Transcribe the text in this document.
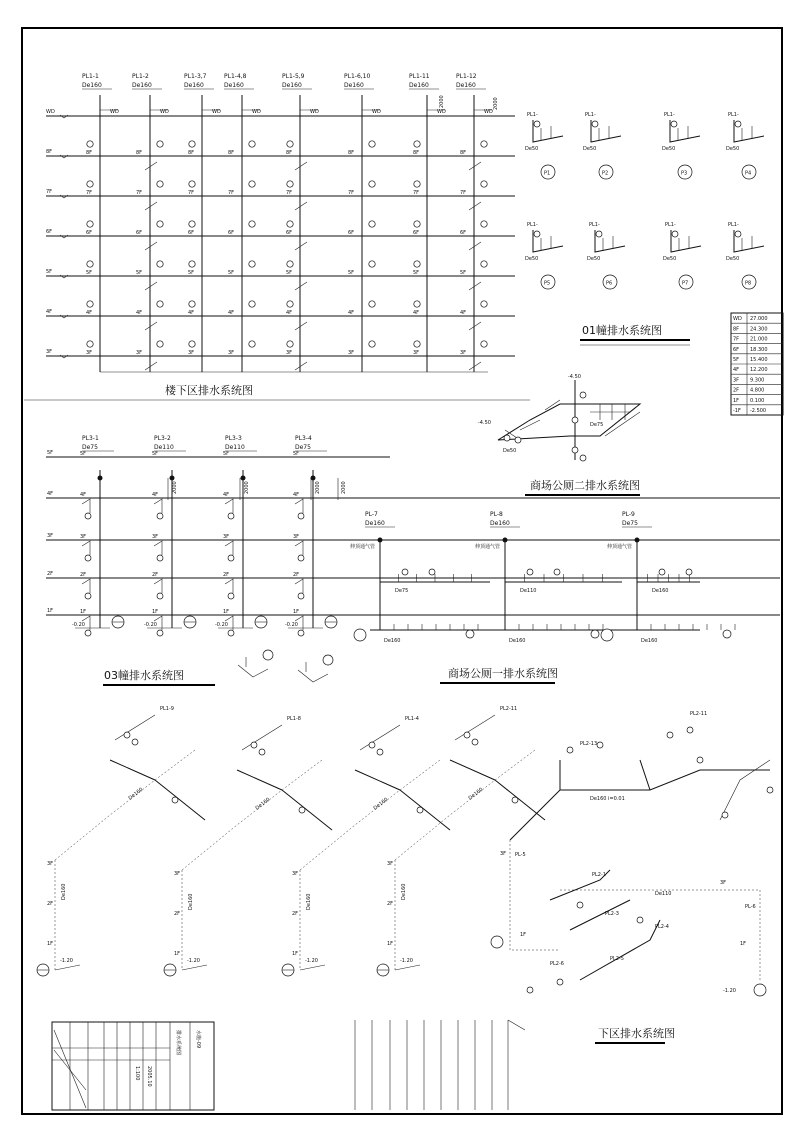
WD
8F
7F
6F
5F
4F
3F
8F	8F	8F	8F	8F	8F	8F	8F
7F	7F	7F	7F	7F	7F	7F	7F
6F	6F	6F	6F	6F	6F	6F	6F
5F	5F	5F	5F	5F	5F	5F	5F
4F	4F	4F	4F	4F	4F	4F	4F
3F	3F	3F	3F	3F	3F	3F	3F
PL1-1
De160
WD
PL1-2
De160
WD
PL1-3,7
De160
WD
PL1-4,8
De160
WD
PL1-5,9
De160
WD
PL1-6,10
De160
WD
PL1-11
De160
WD
PL1-12
De160
WD
2000	2000
楼下区排水系统图
P1
PL1-
De50
P2
PL1-
De50
P3
PL1-
De50
P4
PL1-
De50
P5
PL1-
De50
P6
PL1-
De50
P7
PL1-
De50
P8
PL1-
De50
01幢排水系统图
WD 27.000
8F 24.300
7F 21.000
6F 18.300
5F 15.400
4F 12.200
3F 9.300
2F 4.800
1F 0.100
-1F -2.500
-4.50
-4.50
De50
De75
商场公厕二排水系统图
5F
4F
3F
2F
1F
5F	5F	5F	5F
4F	4F	4F	4F
3F	3F	3F	3F
2F	2F	2F	2F
1F	1F	1F	1F
PL3-1
De75
-0.20
2000
PL3-2
De110
-0.20
2000
PL3-3
De110
-0.20
2000
PL3-4
De75
-0.20
2000
03幢排水系统图
PL-7
De160
伸顶通气管
De75
De160
PL-8
De160
伸顶通气管
De110
De160
PL-9
De75
伸顶通气管
De160
De160
商场公厕一排水系统图
-1.20
3F
2F
1F
De160
De160
PL1-9
-1.20
3F
2F
1F
De160
De160
PL1-8
-1.20
3F
2F
1F
De160
De160
PL1-4
-1.20
3F
2F
1F
De160
De160
PL2-11
PL2-11
PL2-13
PL-6
PL-5
PL2-1
PL2-3
PL2-4
PL2-5
PL2-6
De160 i=0.01
De110
3F
1F
-1.20
1F
3F
下区排水系统图
排水系统图	水施-09
1:100 2005.10
